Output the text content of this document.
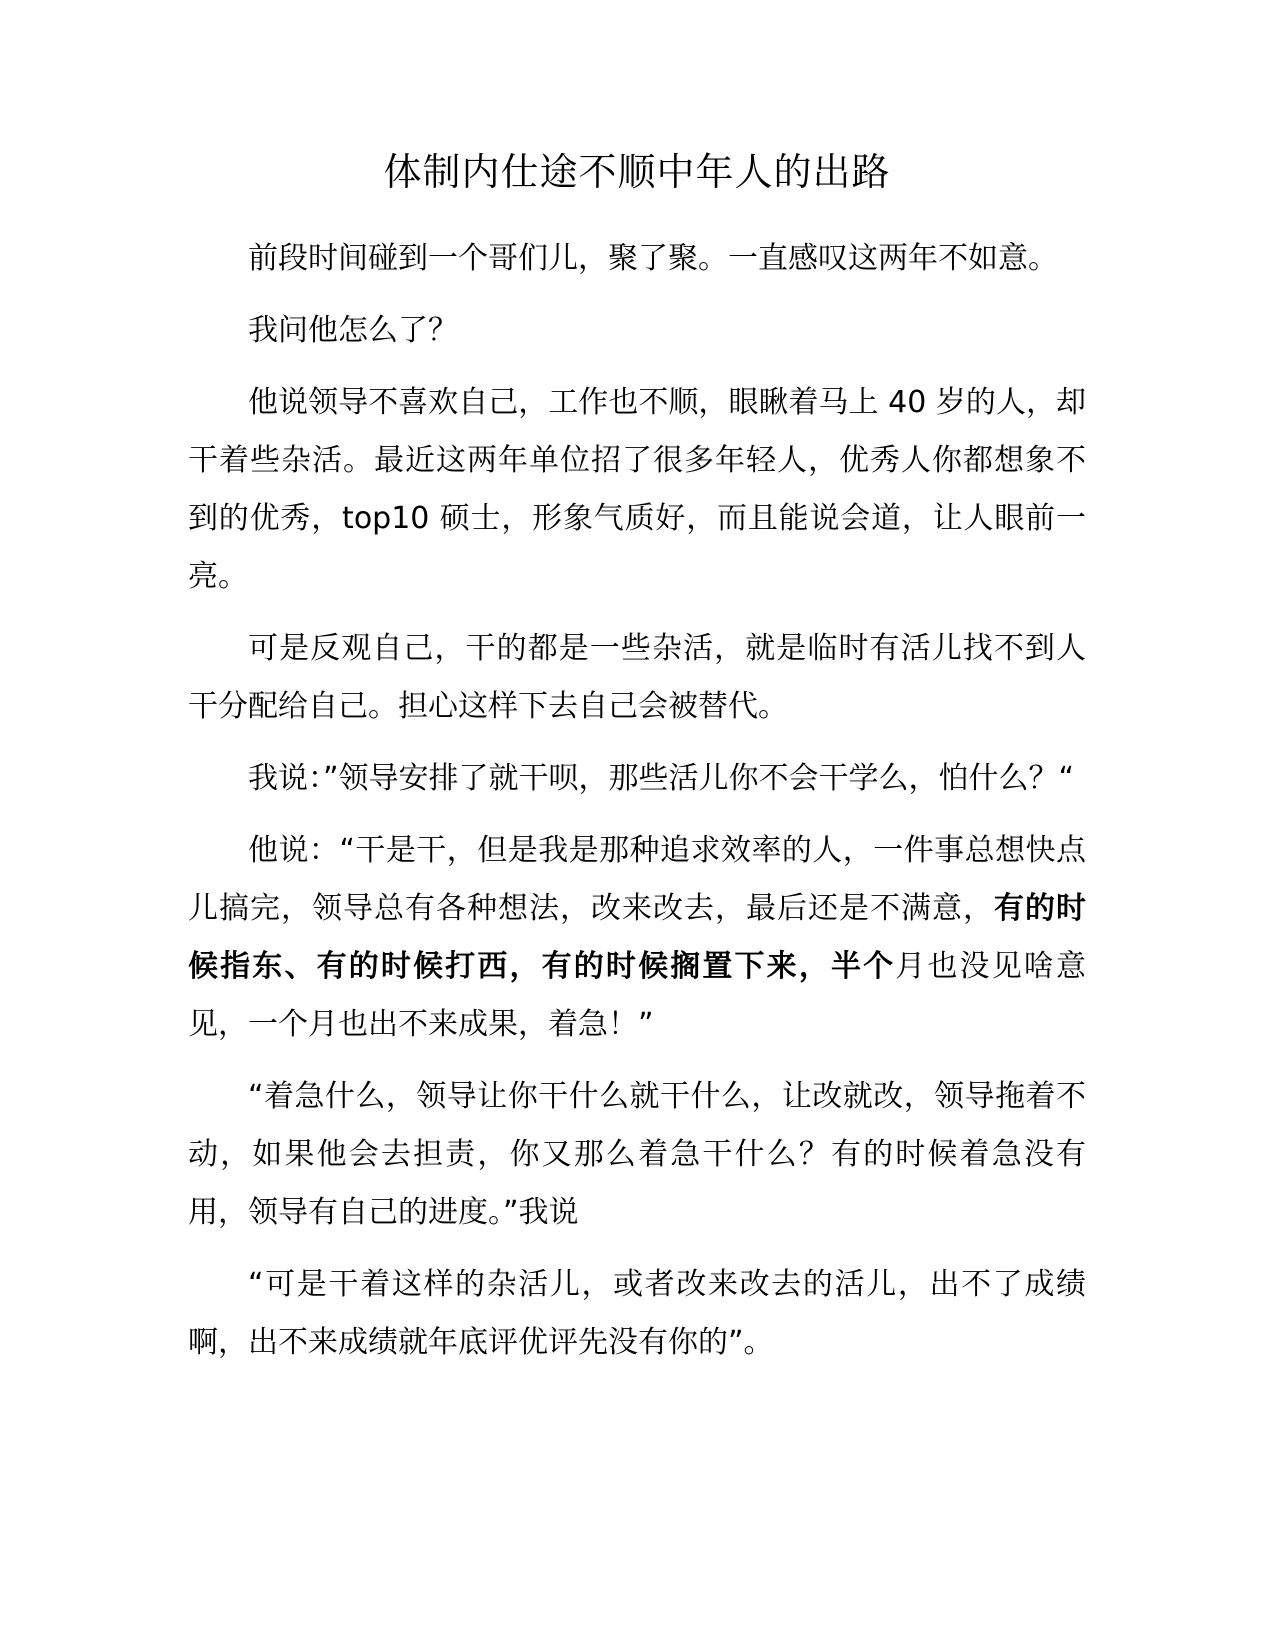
体制内仕途不顺中年人的出路

前段时间碰到一个哥们儿，聚了聚。一直感叹这两年不如意。

我问他怎么了？

他说领导不喜欢自己，工作也不顺，眼瞅着马上 40 岁的人，却干着些杂活。最近这两年单位招了很多年轻人，优秀人你都想象不到的优秀，top10 硕士，形象气质好，而且能说会道，让人眼前一亮。

可是反观自己，干的都是一些杂活，就是临时有活儿找不到人干分配给自己。担心这样下去自己会被替代。

我说：”领导安排了就干呗，那些活儿你不会干学么，怕什么？“

他说：“干是干，但是我是那种追求效率的人，一件事总想快点儿搞完，领导总有各种想法，改来改去，最后还是不满意，有的时候指东、有的时候打西，有的时候搁置下来，半个月也没见啥意见，一个月也出不来成果，着急！”

“着急什么，领导让你干什么就干什么，让改就改，领导拖着不动，如果他会去担责，你又那么着急干什么？有的时候着急没有用，领导有自己的进度。”我说

“可是干着这样的杂活儿，或者改来改去的活儿，出不了成绩啊，出不来成绩就年底评优评先没有你的”。
